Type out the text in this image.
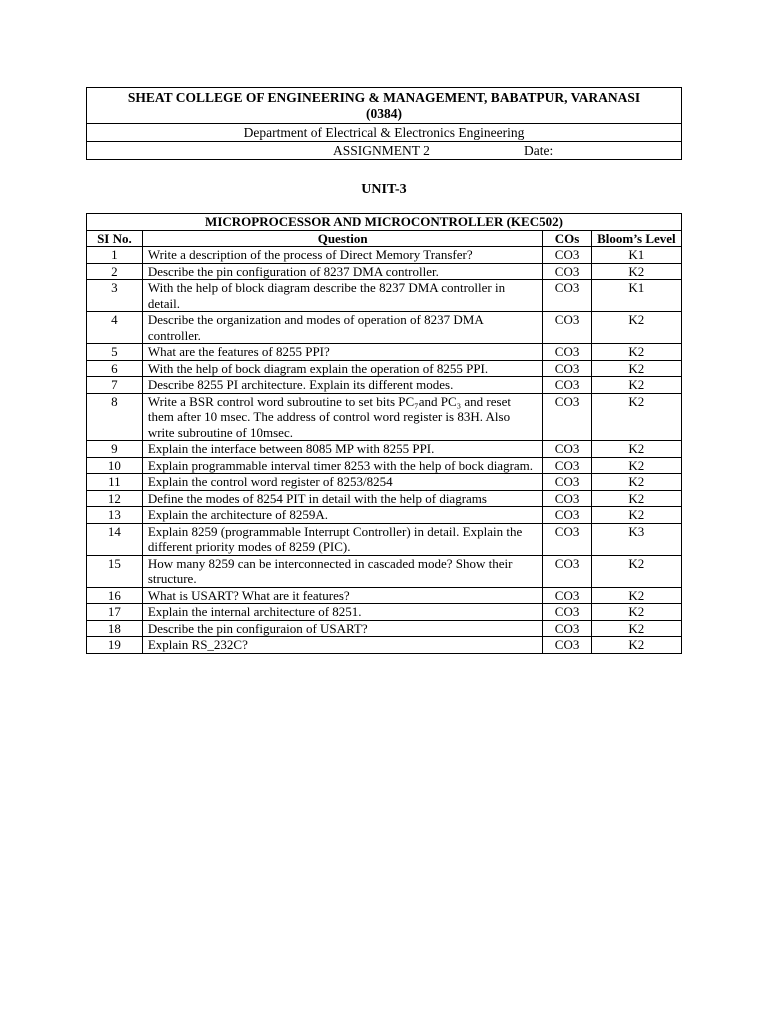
SHEAT COLLEGE OF ENGINEERING & MANAGEMENT, BABATPUR, VARANASI
(0384)
Department of Electrical & Electronics Engineering

ASSIGNMENT 2	Date:
UNIT-3
MICROPROCESSOR AND MICROCONTROLLER (KEC502)			
SI No.	Question	COs	Bloom’s Level
1	Write a description of the process of Direct Memory Transfer?	CO3	K1
2	Describe the pin configuration of 8237 DMA controller.	CO3	K2
3	With the help of block diagram describe the 8237 DMA controller in detail.	CO3	K1
4	Describe the organization and modes of operation of 8237 DMA controller.	CO3	K2
5	What are the features of 8255 PPI?	CO3	K2
6	With the help of bock diagram explain the operation of 8255 PPI.	CO3	K2
7	Describe 8255 PI architecture. Explain its different modes.	CO3	K2
8	Write a BSR control word subroutine to set bits PC₇and PC₃ and reset them after 10 msec. The address of control word register is 83H. Also write subroutine of 10msec.	CO3	K2
9	Explain the interface between 8085 MP with 8255 PPI.	CO3	K2
10	Explain programmable interval timer 8253 with the help of bock diagram.	CO3	K2
11	Explain the control word register of 8253/8254	CO3	K2
12	Define the modes of 8254 PIT in detail with the help of diagrams	CO3	K2
13	Explain the architecture of 8259A.	CO3	K2
14	Explain 8259 (programmable Interrupt Controller) in detail. Explain the different priority modes of 8259 (PIC).	CO3	K3
15	How many 8259 can be interconnected in cascaded mode? Show their structure.	CO3	K2
16	What is USART? What are it features?	CO3	K2
17	Explain the internal architecture of 8251.	CO3	K2
18	Describe the pin configuraion of USART?	CO3	K2
19	Explain RS_232C?	CO3	K2
